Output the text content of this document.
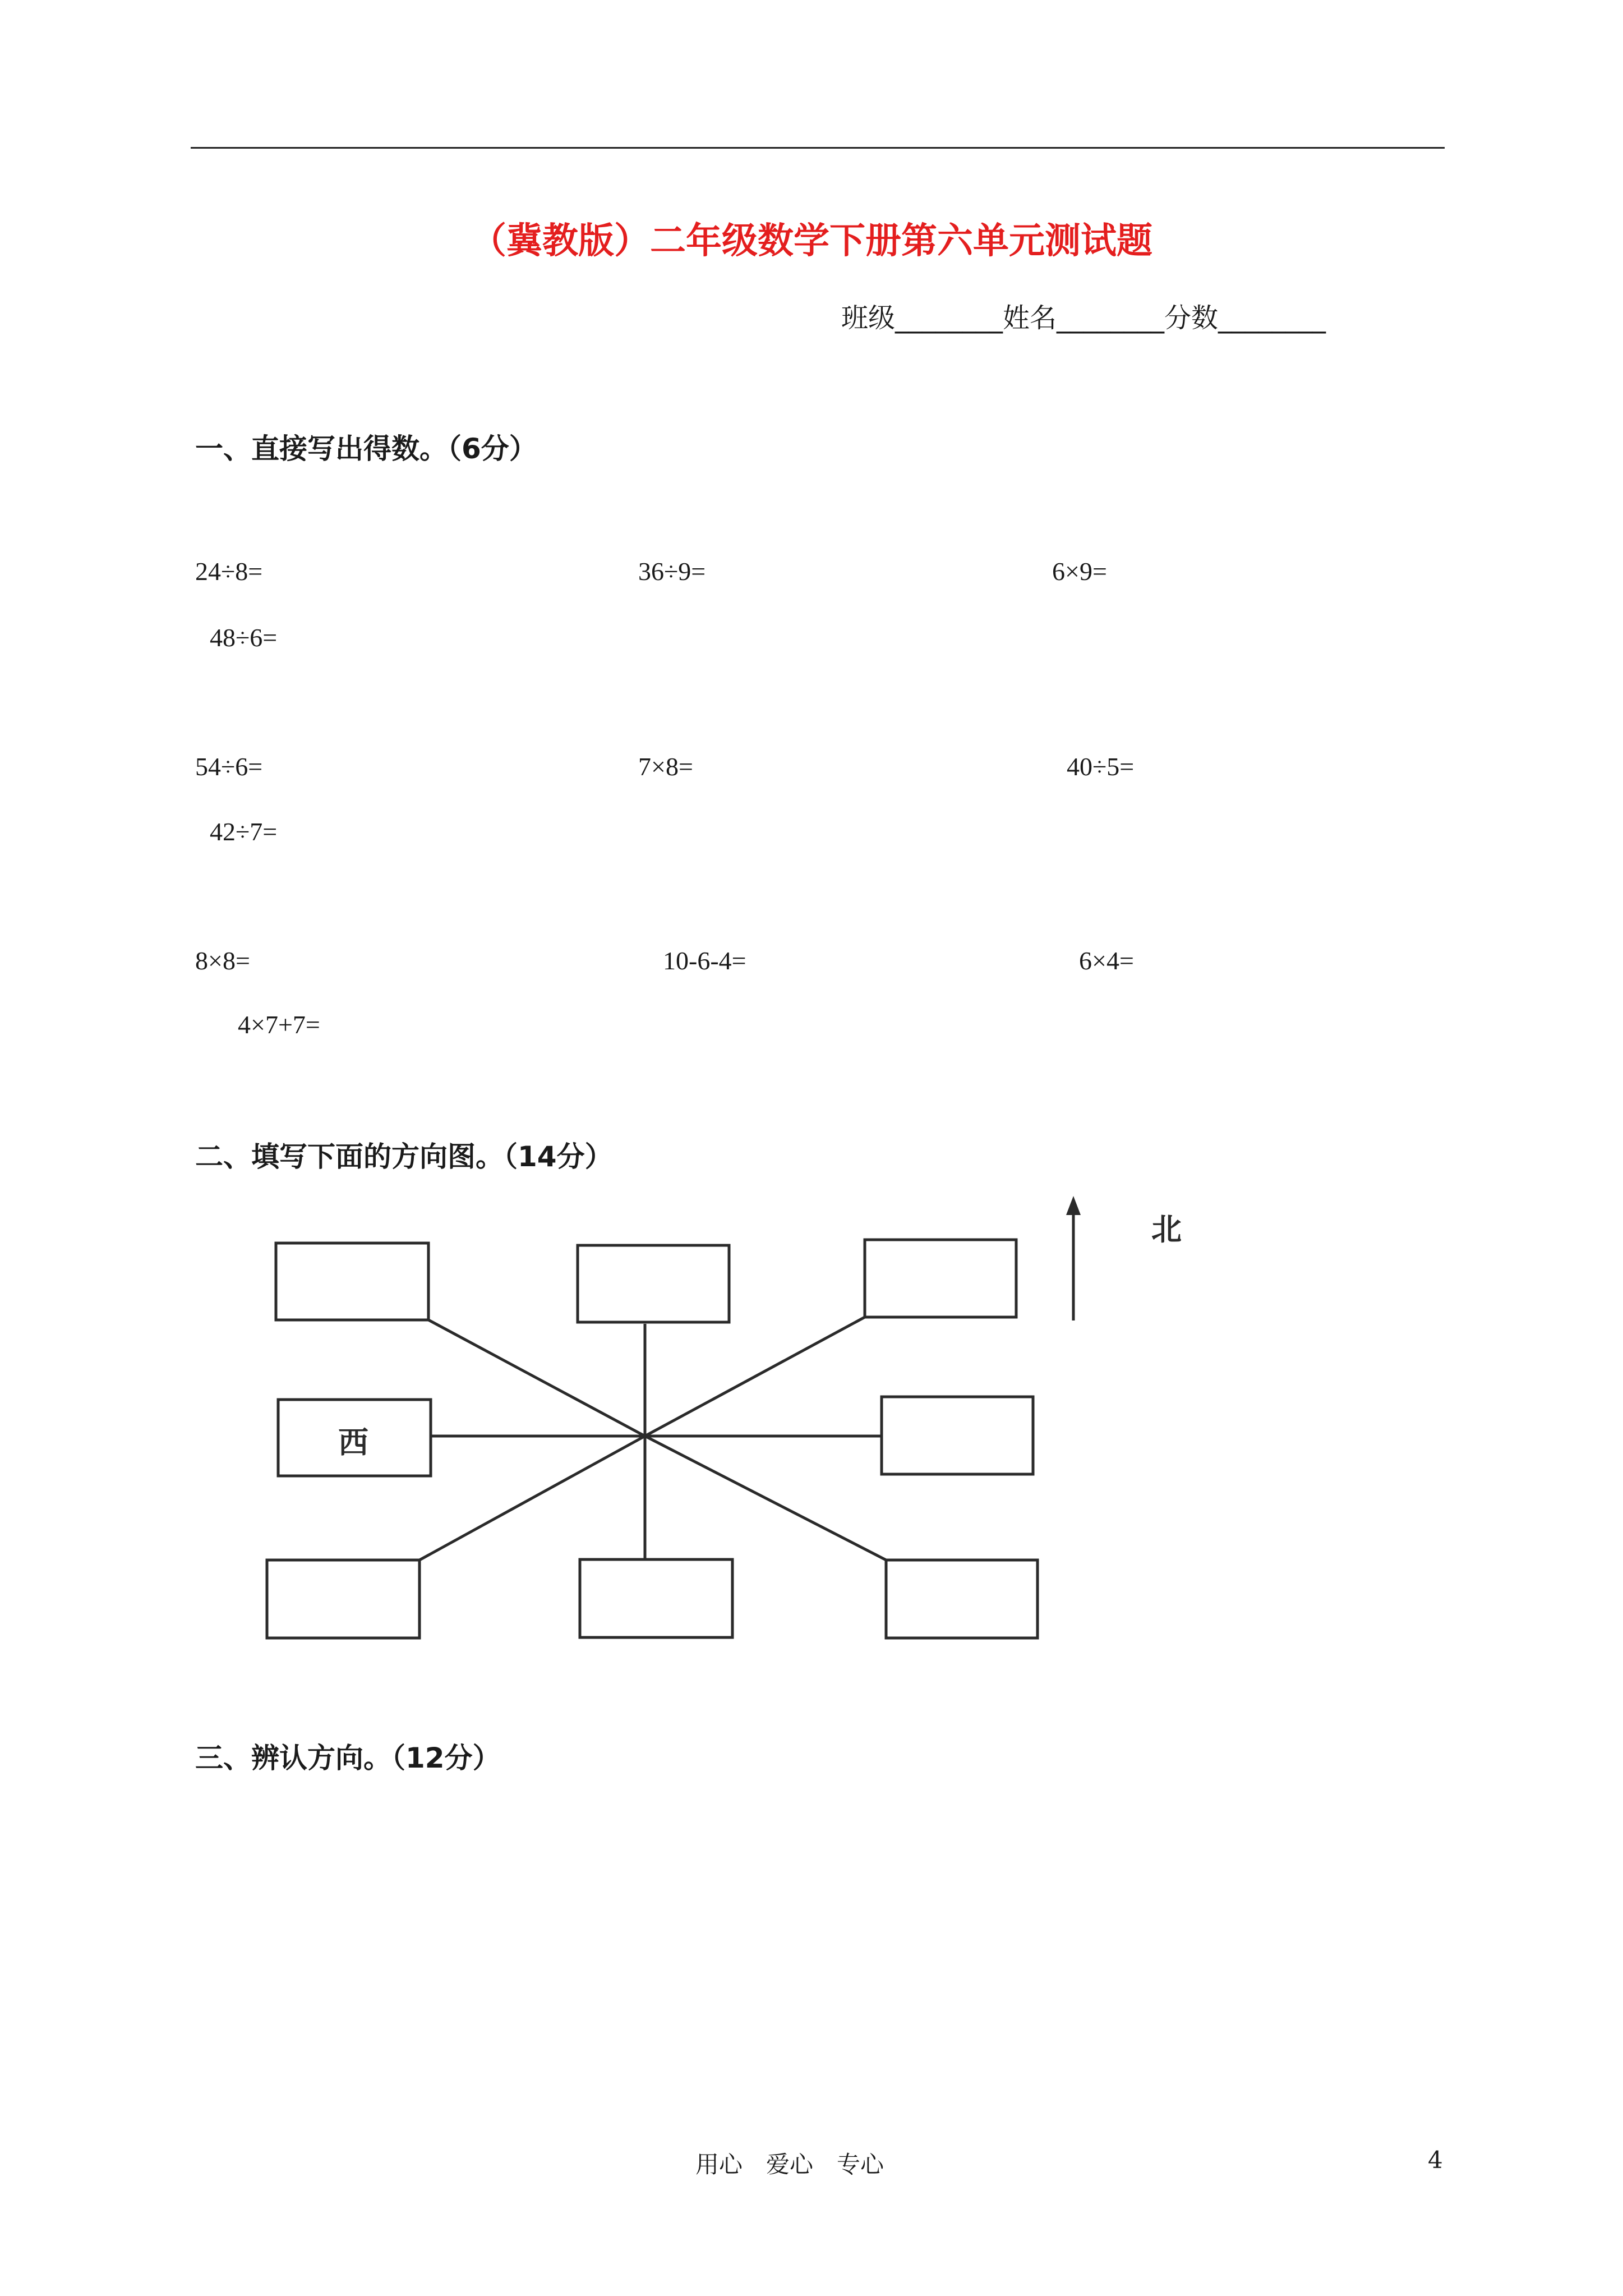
（冀教版）二年级数学下册第六单元测试题
班级________姓名________分数________
一、直接写出得数。（6分）
24÷8=	36÷9=	6×9=
48÷6=
54÷6=	7×8=	40÷5=
42÷7=
8×8=	10-6-4=	6×4=
4×7+7=
二、填写下面的方向图。（14分）
西
北
三、辨认方向。（12分）
用心　爱心　专心	4
